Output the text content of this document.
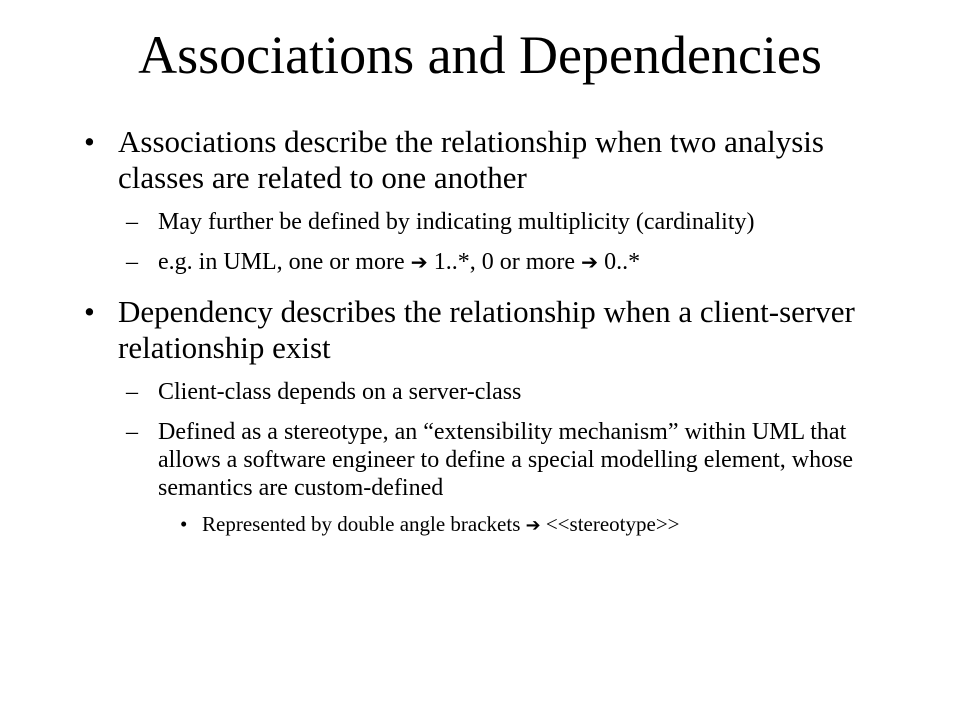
Associations and Dependencies
• Associations describe the relationship when two analysis classes are related to one another
– May further be defined by indicating multiplicity (cardinality)
– e.g. in UML, one or more ➔ 1..*, 0 or more ➔ 0..*
• Dependency describes the relationship when a client-server relationship exist
– Client-class depends on a server-class
– Defined as a stereotype, an “extensibility mechanism” within UML that allows a software engineer to define a special modelling element, whose semantics are custom-defined
• Represented by double angle brackets ➔ <<stereotype>>
